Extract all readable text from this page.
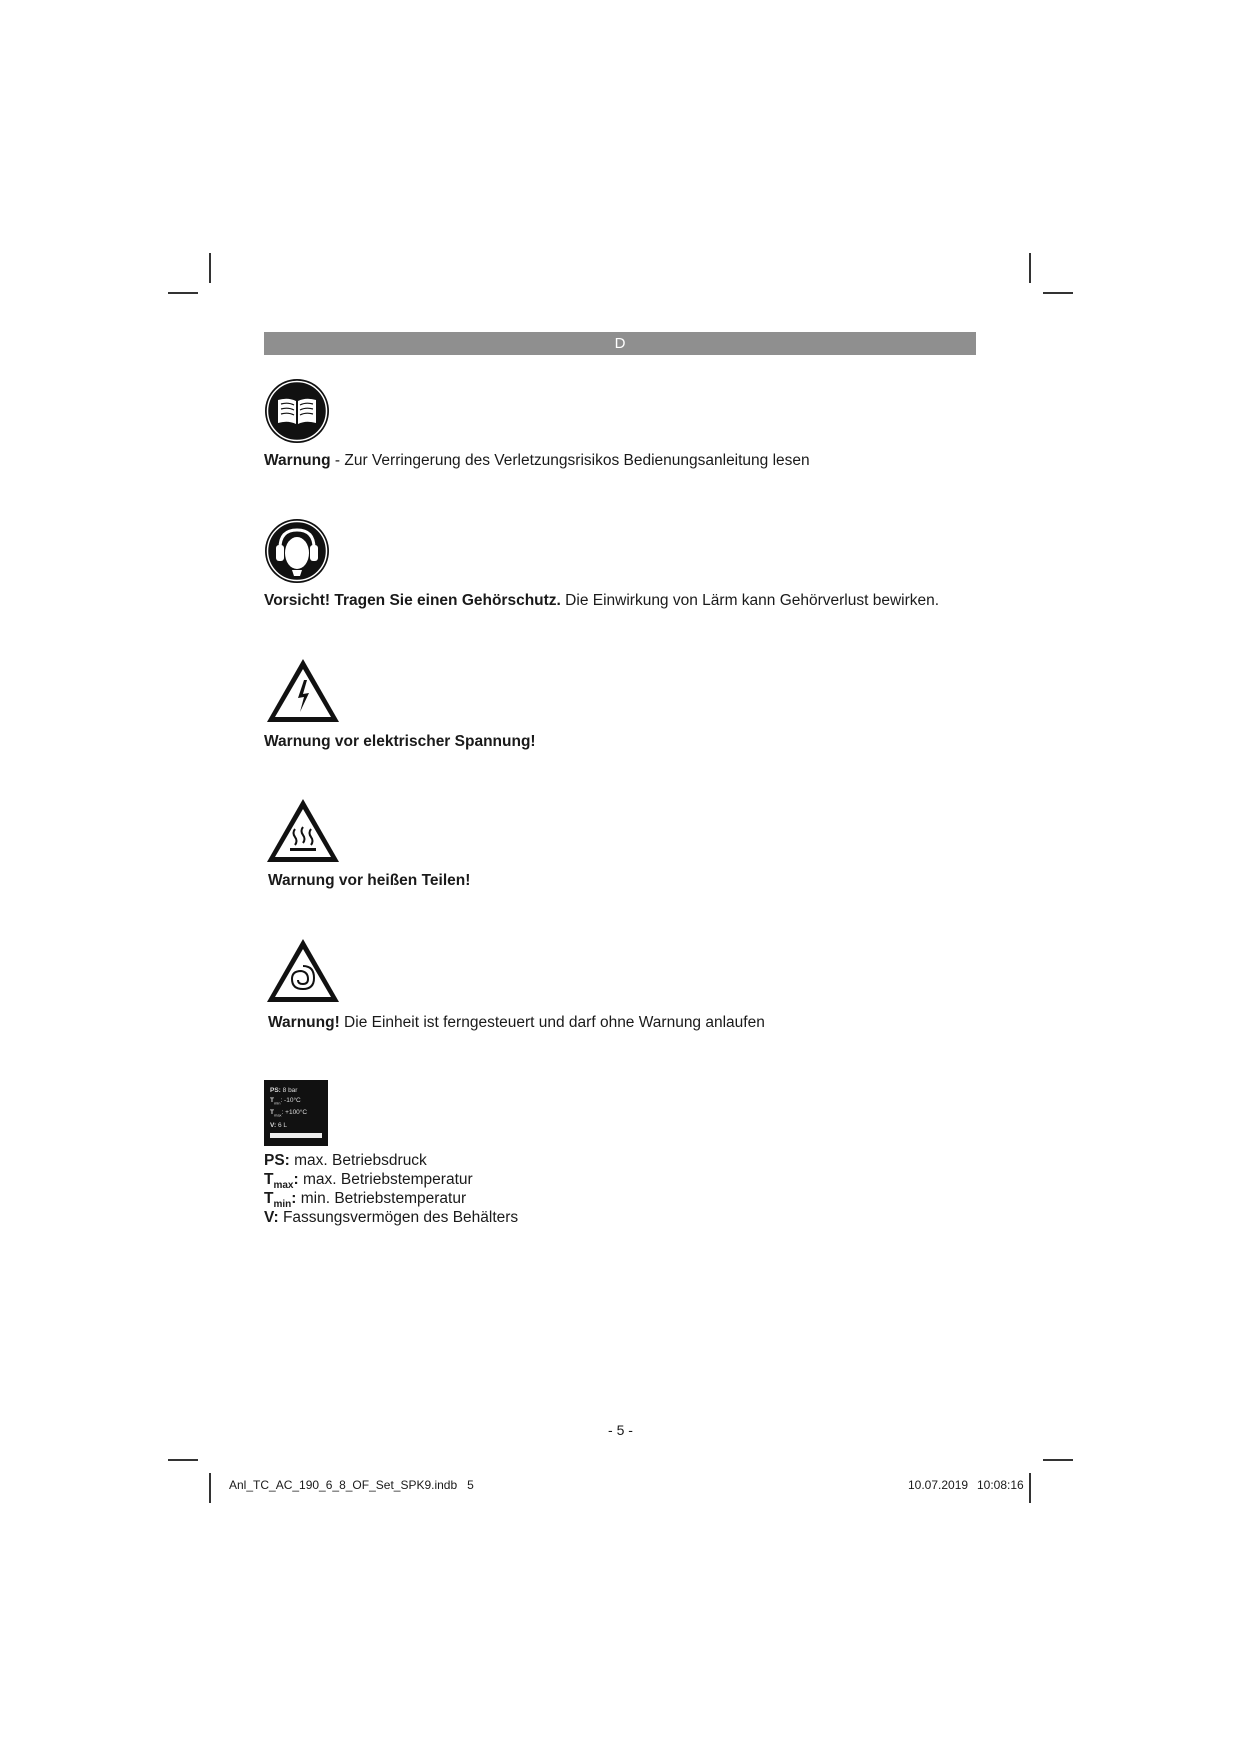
D
Warnung - Zur Verringerung des Verletzungsrisikos Bedienungsanleitung lesen
Vorsicht! Tragen Sie einen Gehörschutz. Die Einwirkung von Lärm kann Gehörverlust bewirken.
Warnung vor elektrischer Spannung!
Warnung vor heißen Teilen!
Warnung! Die Einheit ist ferngesteuert und darf ohne Warnung anlaufen
PS: 8 bar
$T_{min}$: -10°C
$T_{max}$: +100°C
V: 6 L
PS: max. Betriebsdruck
$T_{max}$: max. Betriebstemperatur
$T_{min}$: min. Betriebstemperatur
V: Fassungsvermögen des Behälters
- 5 -
Anl_TC_AC_190_6_8_OF_Set_SPK9.indb   5	10.07.2019 10:08:16
